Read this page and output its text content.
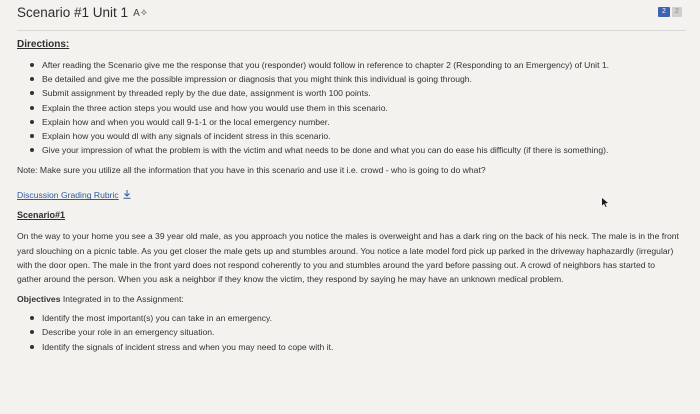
Scenario #1 Unit 1 A✧	2	2
Directions:
After reading the Scenario give me the response that you (responder) would follow in reference to chapter 2 (Responding to an Emergency) of Unit 1.
Be detailed and give me the possible impression or diagnosis that you might think this individual is going through.
Submit assignment by threaded reply by the due date, assignment is worth 100 points.
Explain the three action steps you would use and how you would use them in this scenario.
Explain how and when you would call 9-1-1 or the local emergency number.
Explain how you would dl with any signals of incident stress in this scenario.
Give your impression of what the problem is with the victim and what needs to be done and what you can do ease his difficulty (if there is something).
Note: Make sure you utilize all the information that you have in this scenario and use it i.e. crowd - who is going to do what?
Discussion Grading Rubric
Scenario#1
On the way to your home you see a 39 year old male, as you approach you notice the males is overweight and has a dark ring on the back of his neck. The male is in the front yard slouching on a picnic table. As you get closer the male gets up and stumbles around. You notice a late model ford pick up parked in the driveway haphazardly (irregular) with the door open. The male in the front yard does not respond coherently to you and stumbles around the yard before passing out. A crowd of neighbors has started to gather around the person. When you ask a neighbor if they know the victim, they respond by saying he may have an unknown medical problem.
Objectives Integrated in to the Assignment:
Identify the most important(s) you can take in an emergency.
Describe your role in an emergency situation.
Identify the signals of incident stress and when you may need to cope with it.
